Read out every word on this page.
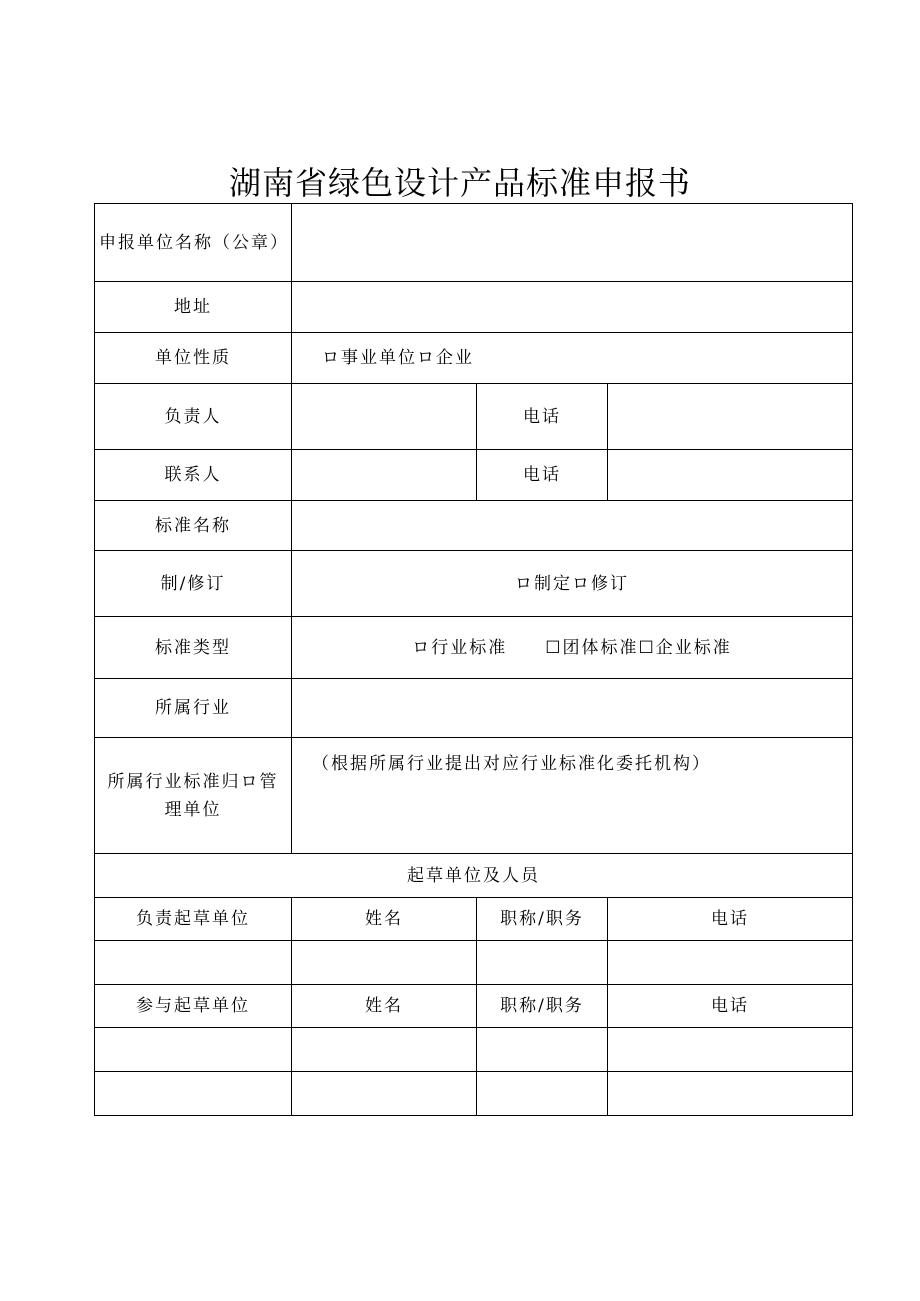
湖南省绿色设计产品标准申报书
申报单位名称（公章）			
地址			
单位性质	ロ事业单位ロ企业		
负责人		电话	
联系人		电话	
标准名称			
制/修订	ロ制定ロ修订		
标准类型	ロ行业标准 ☐团体标准☐企业标准		
所属行业			
所属行业标准归ロ管理单位	（根据所属行业提出对应行业标准化委托机构）		
起草单位及人员			
负责起草单位	姓名	职称/职务	电话

参与起草单位	姓名	职称/职务	电话
